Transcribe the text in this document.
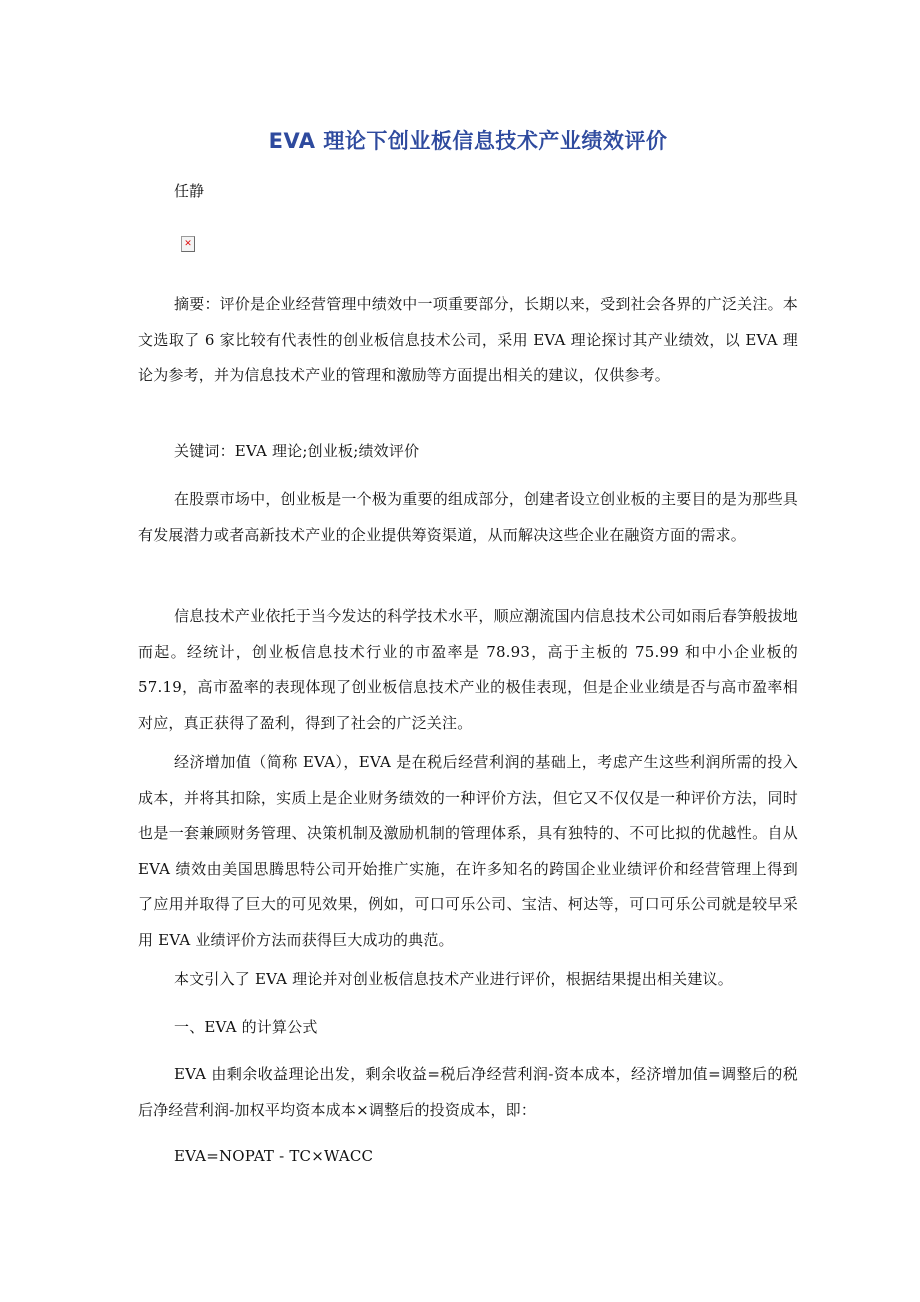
EVA 理论下创业板信息技术产业绩效评价
任静
✕

摘要：评价是企业经营管理中绩效中一项重要部分，长期以来，受到社会各界的广泛关注。本文选取了 6 家比较有代表性的创业板信息技术公司，采用 EVA 理论探讨其产业绩效，以 EVA 理论为参考，并为信息技术产业的管理和激励等方面提出相关的建议，仅供参考。

关键词：EVA 理论;创业板;绩效评价

在股票市场中，创业板是一个极为重要的组成部分，创建者设立创业板的主要目的是为那些具有发展潜力或者高新技术产业的企业提供筹资渠道，从而解决这些企业在融资方面的需求。

信息技术产业依托于当今发达的科学技术水平，顺应潮流国内信息技术公司如雨后春笋般拔地而起。经统计，创业板信息技术行业的市盈率是 78.93，高于主板的 75.99 和中小企业板的 57.19，高市盈率的表现体现了创业板信息技术产业的极佳表现，但是企业业绩是否与高市盈率相对应，真正获得了盈利，得到了社会的广泛关注。

经济增加值（简称 EVA），EVA 是在税后经营利润的基础上，考虑产生这些利润所需的投入成本，并将其扣除，实质上是企业财务绩效的一种评价方法，但它又不仅仅是一种评价方法，同时也是一套兼顾财务管理、决策机制及激励机制的管理体系，具有独特的、不可比拟的优越性。自从 EVA 绩效由美国思腾思特公司开始推广实施，在许多知名的跨国企业业绩评价和经营管理上得到了应用并取得了巨大的可见效果，例如，可口可乐公司、宝洁、柯达等，可口可乐公司就是较早采用 EVA 业绩评价方法而获得巨大成功的典范。

本文引入了 EVA 理论并对创业板信息技术产业进行评价，根据结果提出相关建议。

一、EVA 的计算公式

EVA 由剩余收益理论出发，剩余收益=税后净经营利润-资本成本，经济增加值=调整后的税后净经营利润-加权平均资本成本×调整后的投资成本，即：

EVA=NOPAT - TC×WACC
